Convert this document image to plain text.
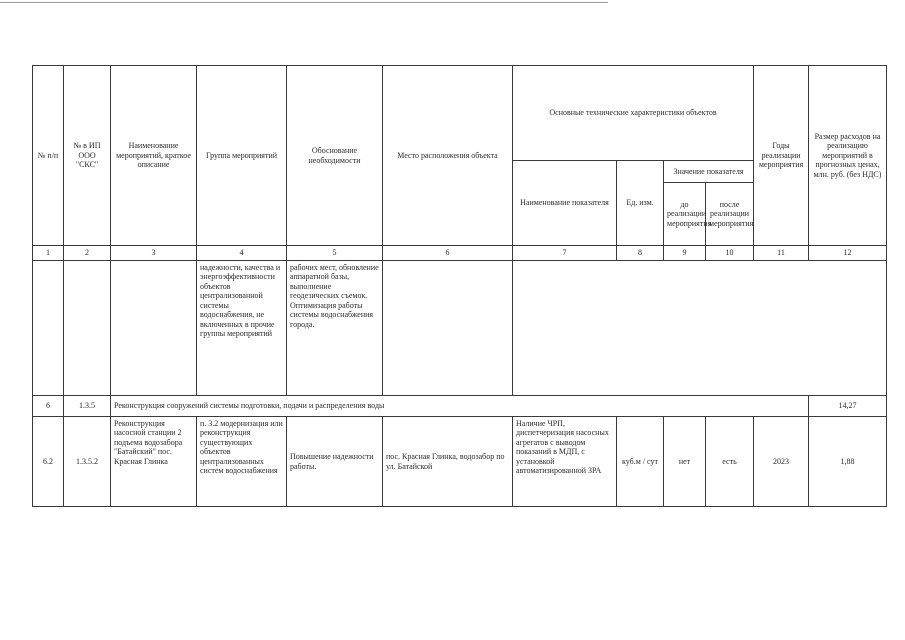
№ п/п	№ в ИП ООО "СКС"	Наименование мероприятий, краткое описание	Группа мероприятий	Обоснование необходимости	Место расположения объекта	Основные технические характеристики объектов				Годы реализации мероприятия	Размер расходов на реализацию мероприятий в прогнозных ценах, млн. руб. (без НДС)
						Наименование показателя	Ед. изм.	Значение показателя			
								до реализации мероприятия	после реализации мероприятия		
1	2	3	4	5	6	7	8	9	10	11	12
			надежности, качества и энергоэффективности объектов централизованной системы водоснабжения, не включенных в прочие группы мероприятий	рабочих мест, обновление аппаратной базы, выполнение геодезических съемок. Оптимизация работы системы водоснабжения города.							
6	1.3.5	Реконструкция сооружений системы подготовки, подачи и распределения воды									14,27
6.2	1.3.5.2	Реконструкция насосной станции 2 подъема водозабора "Батайский" пос. Красная Глинка	п. 3.2 модернизация или реконструкция существующих объектов централизованных систем водоснабжения	Повышение надежности работы.	пос. Красная Глинка, водозабор по ул. Батайской	Наличие ЧРП, диспетчеризация насосных агрегатов с выводом показаний в МДП, с установкой автоматизированной ЗРА	куб.м / сут	нет	есть	2023	1,88
